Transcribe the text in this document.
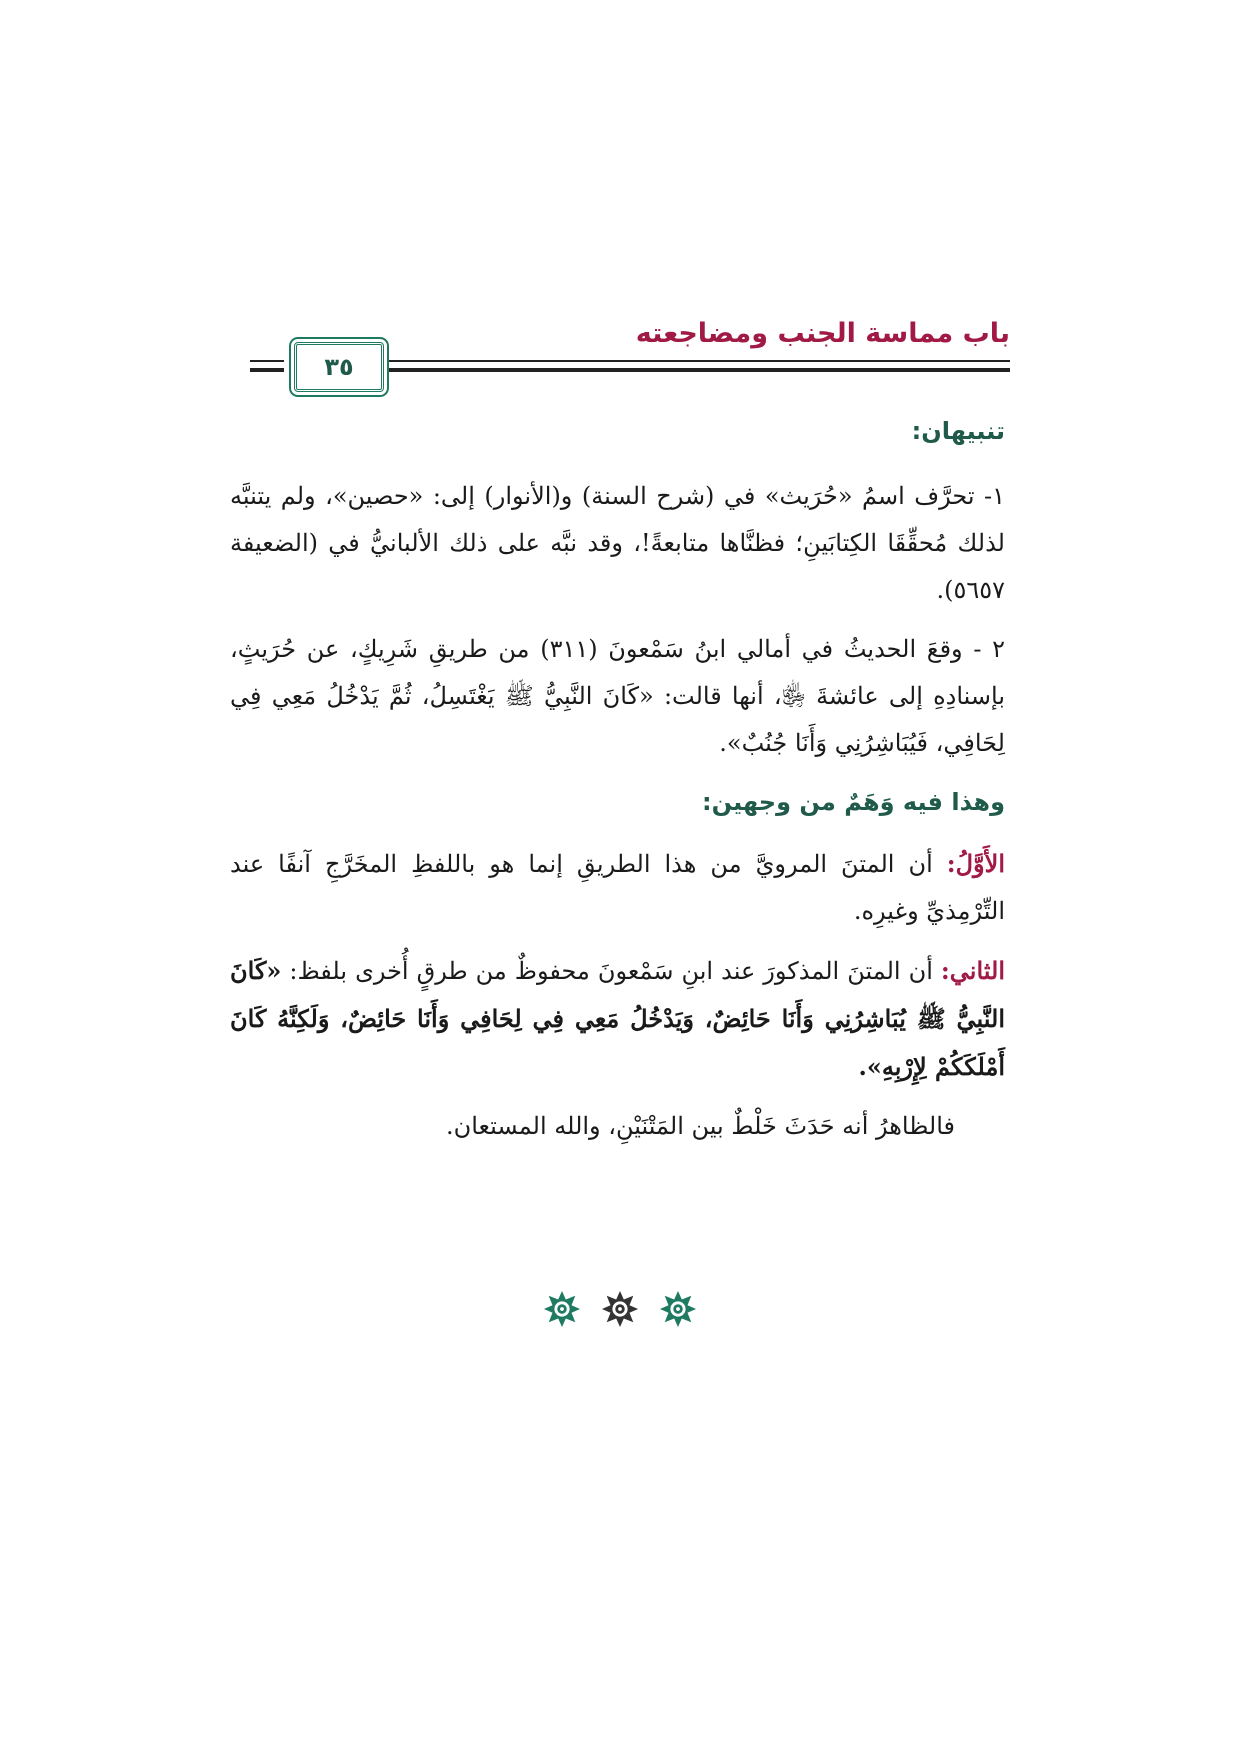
باب مماسة الجنب ومضاجعته
٣٥

تنبيهان:

١- تحرَّف اسمُ «حُرَيث» في (شرح السنة) و(الأنوار) إلى: «حصين»، ولم يتنبَّه لذلك مُحقِّقَا الكِتابَينِ؛ فظنَّاها متابعةً!، وقد نبَّه على ذلك الألبانيُّ في (الضعيفة ٥٦٥٧).

٢ - وقعَ الحديثُ في أمالي ابنُ سَمْعونَ (٣١١) من طريقِ شَرِيكٍ، عن حُرَيثٍ، بإسنادِهِ إلى عائشةَ ﵂، أنها قالت: «كَانَ النَّبِيُّ ﷺ يَغْتَسِلُ، ثُمَّ يَدْخُلُ مَعِي فِي لِحَافِي، فَيُبَاشِرُنِي وَأَنَا جُنُبٌ».

وهذا فيه وَهَمٌ من وجهين:

الأَوَّلُ: أن المتنَ المرويَّ من هذا الطريقِ إنما هو باللفظِ المخَرَّجِ آنفًا عند التِّرْمِذيِّ وغيرِه.

الثاني: أن المتنَ المذكورَ عند ابنِ سَمْعونَ محفوظٌ من طرقٍ أُخرى بلفظ: «كَانَ النَّبِيُّ ﷺ يُبَاشِرُنِي وَأَنَا حَائِضٌ، وَيَدْخُلُ مَعِي فِي لِحَافِي وَأَنَا حَائِضٌ، وَلَكِنَّهُ كَانَ أَمْلَكَكُمْ لِإِرْبِهِ».

فالظاهرُ أنه حَدَثَ خَلْطٌ بين المَتْنَيْنِ، والله المستعان.
